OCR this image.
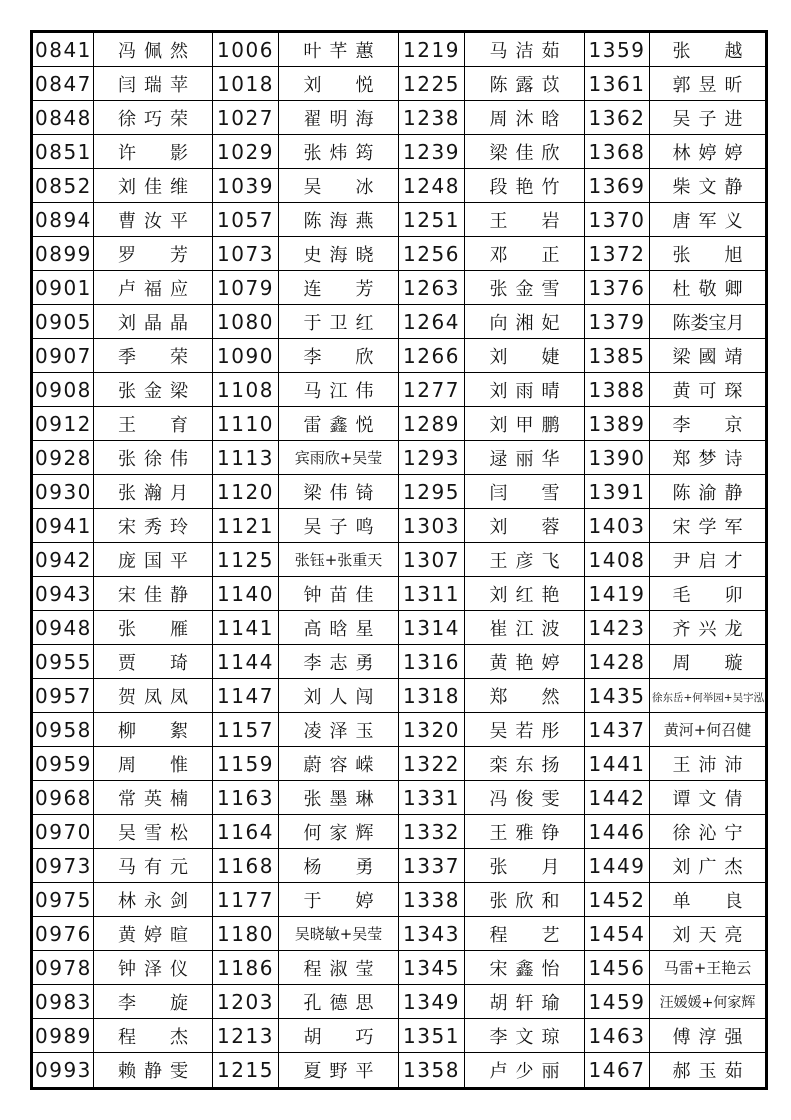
0841	冯 佩 然	1006	叶 芊 蕙	1219	马 洁 茹	1359	张 越

0847	闫 瑞 苹	1018	刘 悦	1225	陈 露 苡	1361	郭 昱 昕

0848	徐 巧 荣	1027	翟 明 海	1238	周 沐 晗	1362	吴 子 进

0851	许 影	1029	张 炜 筠	1239	梁 佳 欣	1368	林 婷 婷

0852	刘 佳 维	1039	吴 冰	1248	段 艳 竹	1369	柴 文 静

0894	曹 汝 平	1057	陈 海 燕	1251	王 岩	1370	唐 军 义

0899	罗 芳	1073	史 海 晓	1256	邓 正	1372	张 旭

0901	卢 福 应	1079	连 芳	1263	张 金 雪	1376	杜 敬 卿

0905	刘 晶 晶	1080	于 卫 红	1264	向 湘 妃	1379	陈 娄 宝 月

0907	季 荣	1090	李 欣	1266	刘 婕	1385	梁 國 靖

0908	张 金 梁	1108	马 江 伟	1277	刘 雨 晴	1388	黄 可 琛

0912	王 育	1110	雷 鑫 悦	1289	刘 甲 鹏	1389	李 京

0928	张 徐 伟	1113	宾雨欣+吴莹	1293	逯 丽 华	1390	郑 梦 诗

0930	张 瀚 月	1120	梁 伟 锜	1295	闫 雪	1391	陈 渝 静

0941	宋 秀 玲	1121	吴 子 鸣	1303	刘 蓉	1403	宋 学 军

0942	庞 国 平	1125	张钰+张重天	1307	王 彦 飞	1408	尹 启 才

0943	宋 佳 静	1140	钟 苗 佳	1311	刘 红 艳	1419	毛 卯

0948	张 雁	1141	高 晗 星	1314	崔 江 波	1423	齐 兴 龙

0955	贾 琦	1144	李 志 勇	1316	黄 艳 婷	1428	周 璇

0957	贺 凤 凤	1147	刘 人 闯	1318	郑 然	1435	徐东岳+何举园+吴宇泓
0958	柳 絮	1157	凌 泽 玉	1320	吴 若 彤	1437	黄河+何召健
0959	周 惟	1159	蔚 容 嵘	1322	栾 东 扬	1441	王 沛 沛

0968	常 英 楠	1163	张 墨 琳	1331	冯 俊 雯	1442	谭 文 倩

0970	吴 雪 松	1164	何 家 辉	1332	王 雅 铮	1446	徐 沁 宁

0973	马 有 元	1168	杨 勇	1337	张 月	1449	刘 广 杰

0975	林 永 剑	1177	于 婷	1338	张 欣 和	1452	单 良

0976	黄 婷 暄	1180	吴晓敏+吴莹	1343	程 艺	1454	刘 天 亮

0978	钟 泽 仪	1186	程 淑 莹	1345	宋 鑫 怡	1456	马雷+王艳云
0983	李 旋	1203	孔 德 思	1349	胡 轩 瑜	1459	汪媛媛+何家辉
0989	程 杰	1213	胡 巧	1351	李 文 琼	1463	傅 淳 强

0993	赖 静 雯	1215	夏 野 平	1358	卢 少 丽	1467	郝 玉 茹
